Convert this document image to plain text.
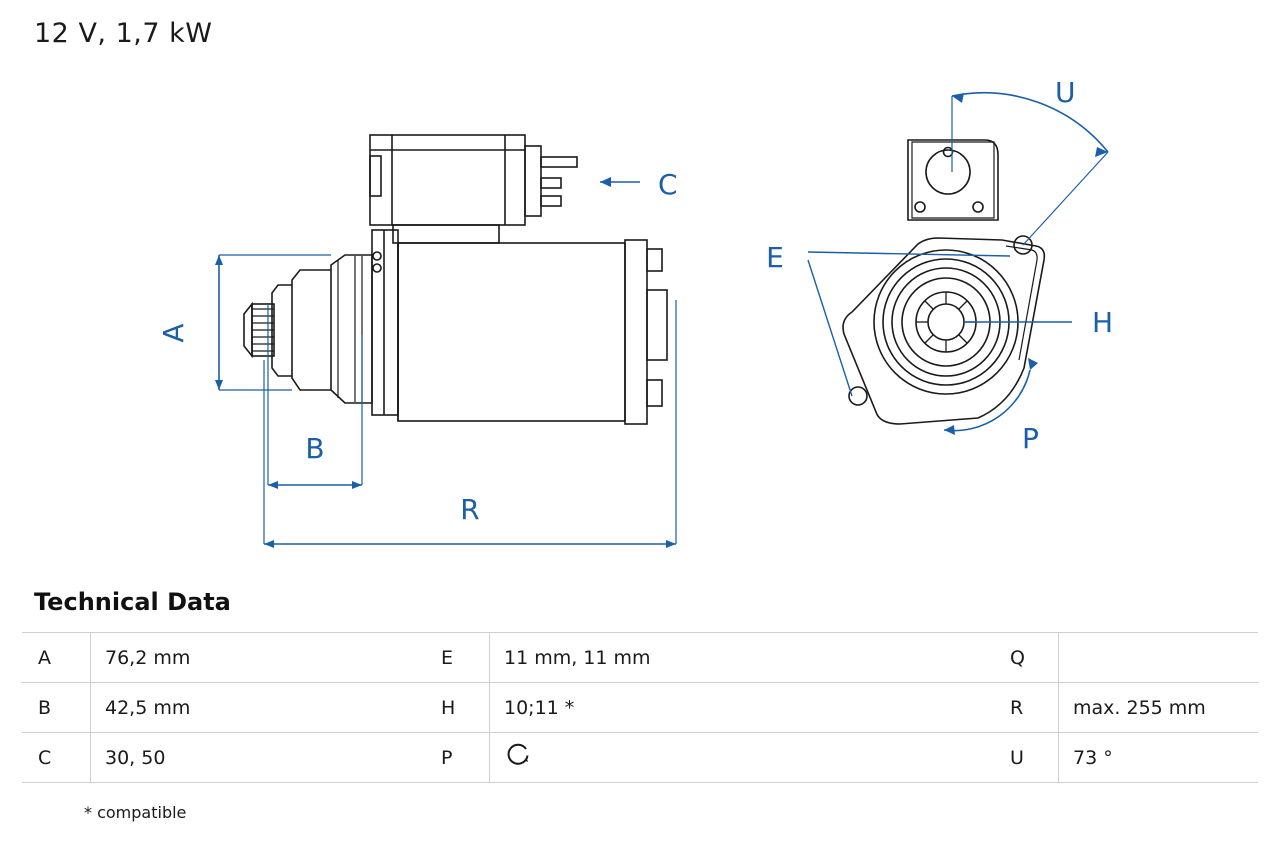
12 V, 1,7 kW
A
B
R
C
E
H
U
P
Technical Data
A	76,2 mm	E	11 mm, 11 mm	Q	
B	42,5 mm	H	10;11 *	R	max. 255 mm
C	30, 50	P		U	73 °
* compatible
